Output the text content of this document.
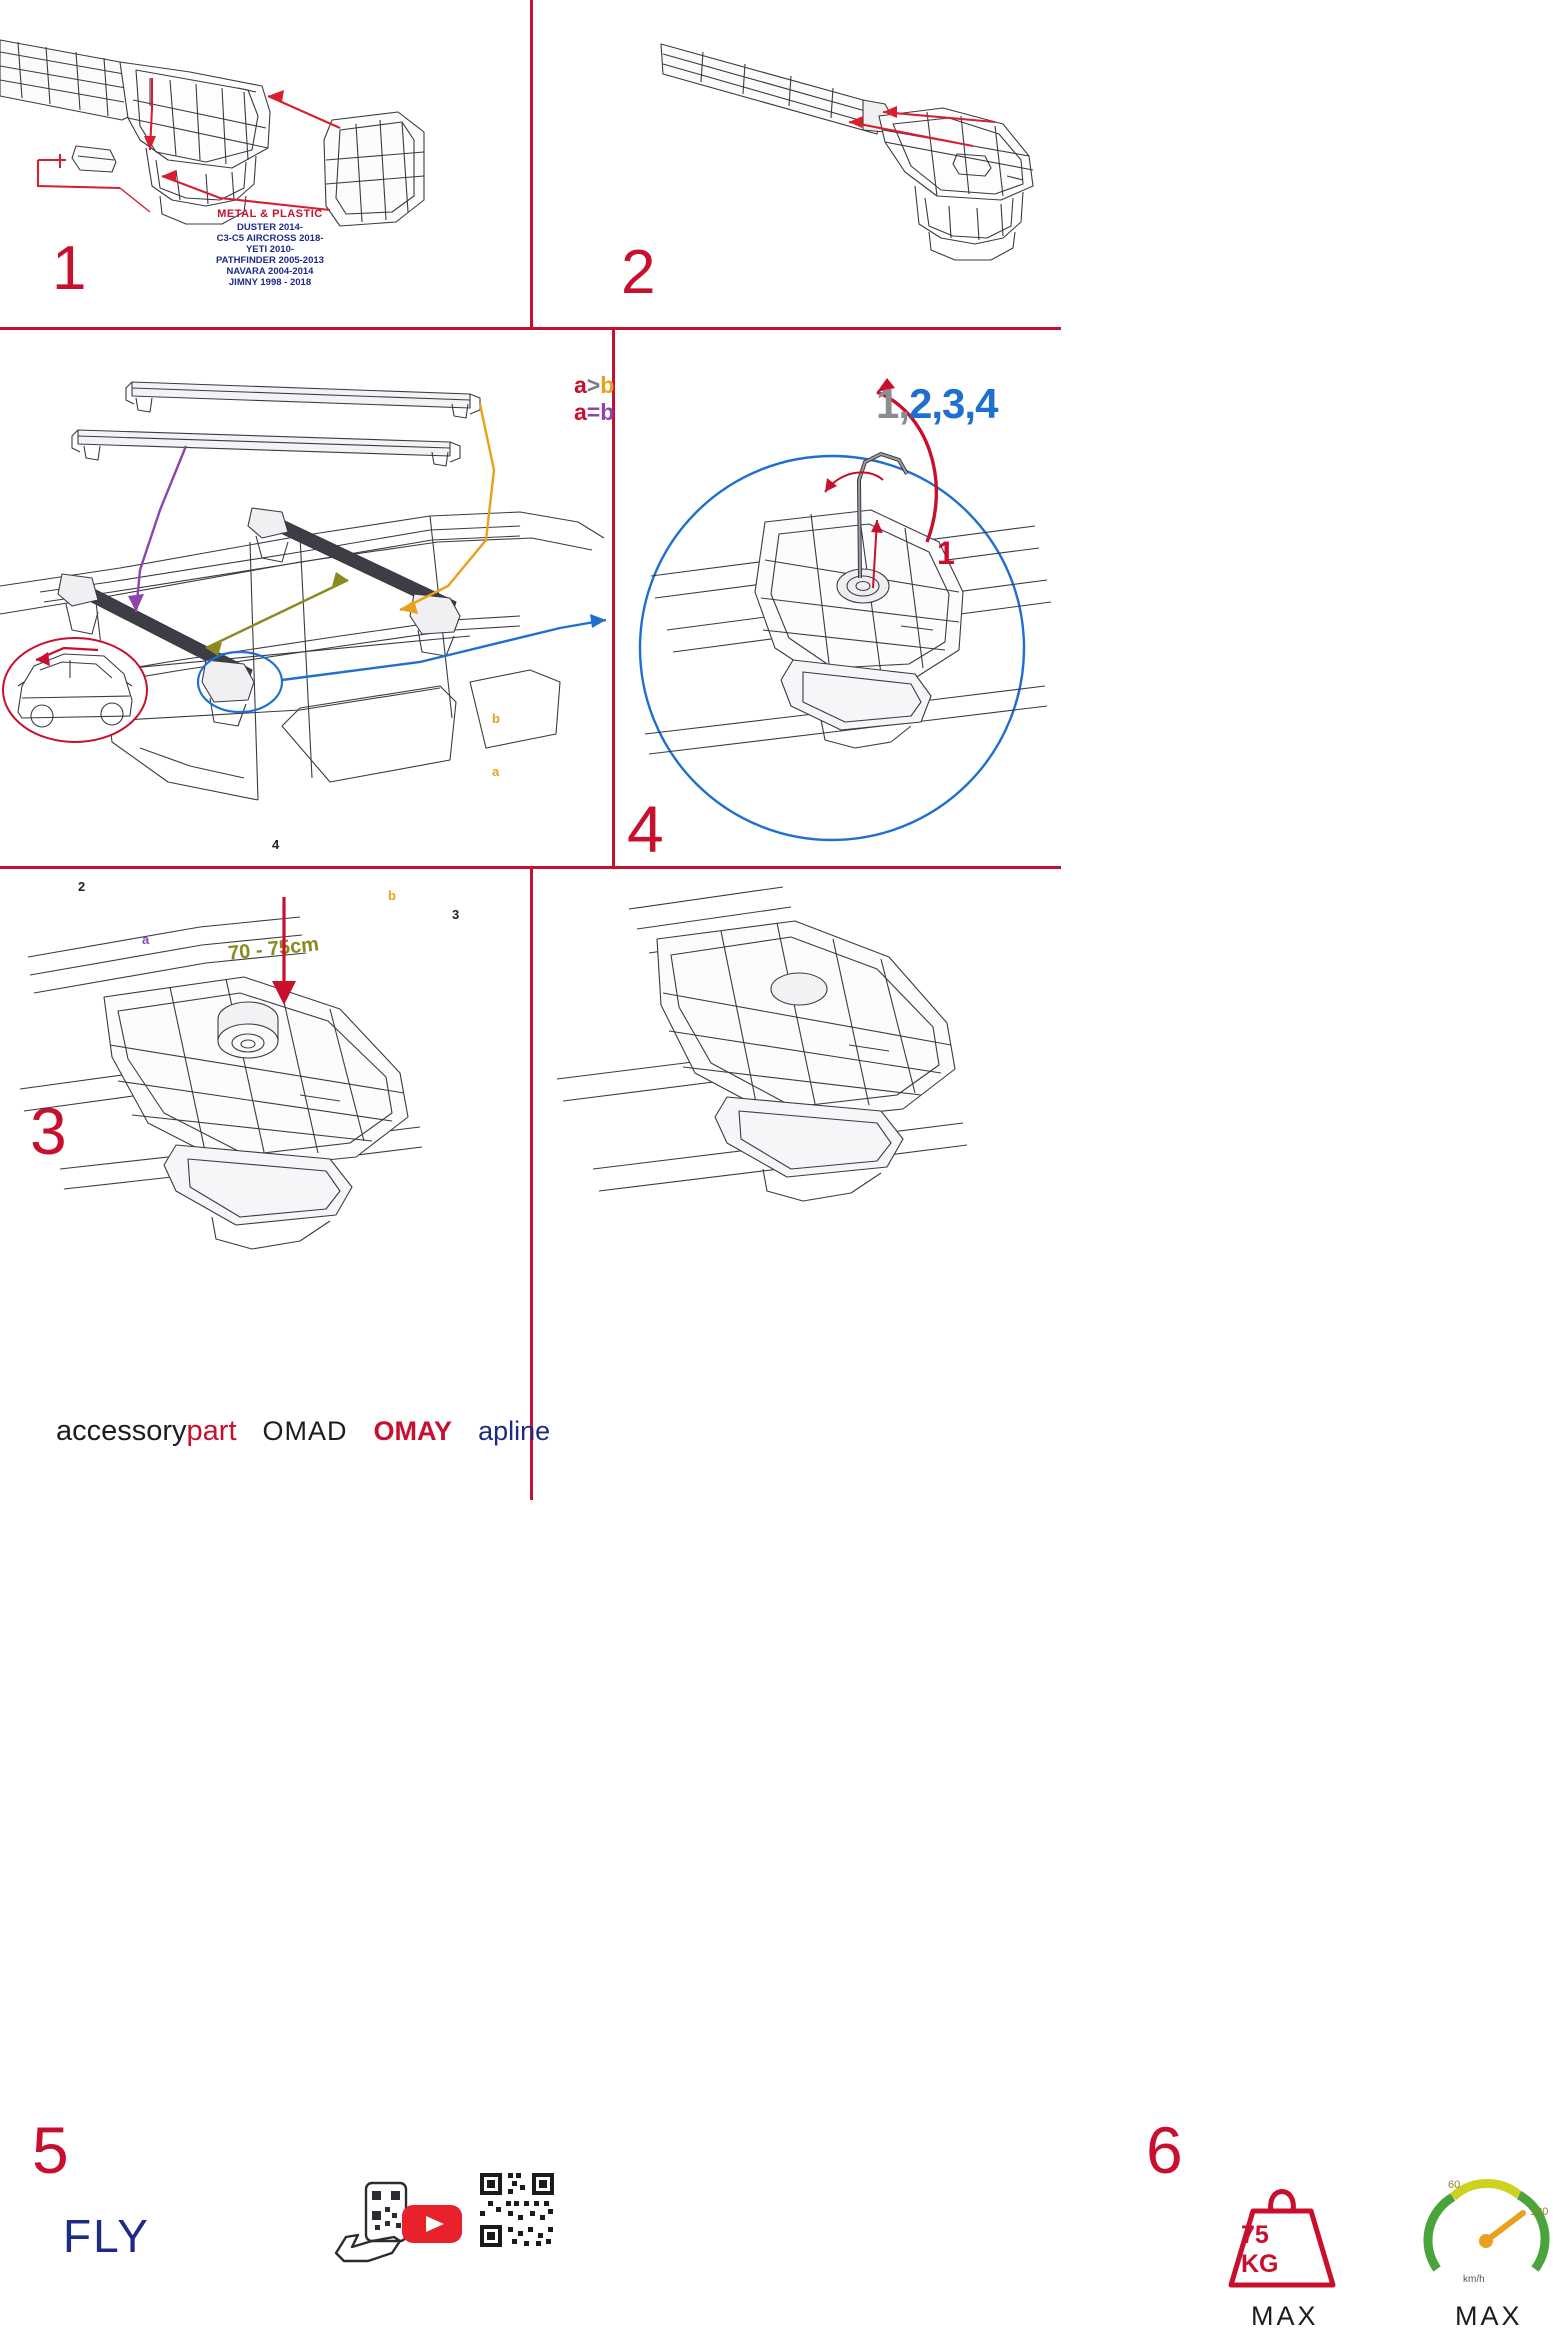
METAL & PLASTIC
DUSTER 2014-
C3-C5 AIRCROSS 2018-
YETI 2010-
PATHFINDER 2005-2013
NAVARA 2004-2014
JIMNY 1998 - 2018
1	2
2
3
4
a
a
b
b
70 - 75cm
3
a>b
a=b
1
4
1,2,3,4
FLY
5
accessorypart OMAD OMAY apline
75 KG
MAX
60
120
km/h
MAX
6
